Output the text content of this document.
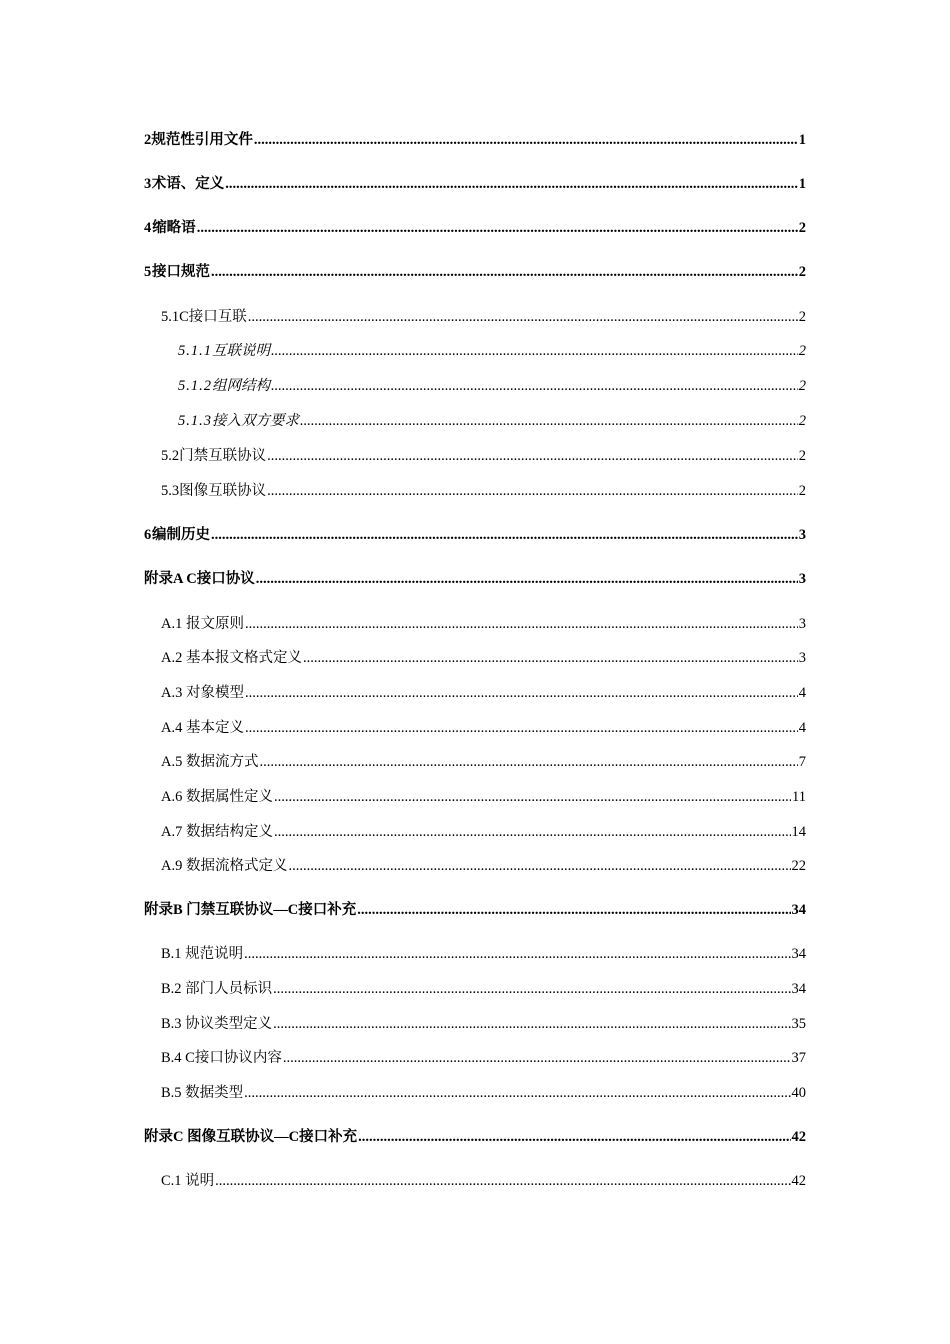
2 规范性引用文件 .....	1
3 术语、定义 .....	1
4 缩略语 .....	2
5 接口规范 .....	2
5.1 C接口互联 .....	2
5.1.1 互联说明 .....	2
5.1.2 组网结构 .....	2
5.1.3 接入双方要求 .....	2
5.2 门禁互联协议 .....	2
5.3 图像互联协议 .....	2
6 编制历史 .....	3
附录A C接口协议 .....	3
A.1 报文原则 .....	3
A.2 基本报文格式定义 .....	3
A.3 对象模型 .....	4
A.4 基本定义 .....	4
A.5 数据流方式 .....	7
A.6 数据属性定义 .....	11
A.7 数据结构定义 .....	14
A.9 数据流格式定义 .....	22
附录B 门禁互联协议—C接口补充 .....	34
B.1 规范说明 .....	34
B.2 部门人员标识 .....	34
B.3 协议类型定义 .....	35
B.4 C接口协议内容 .....	37
B.5 数据类型 .....	40
附录C 图像互联协议—C接口补充 .....	42
C.1 说明 .....	42
